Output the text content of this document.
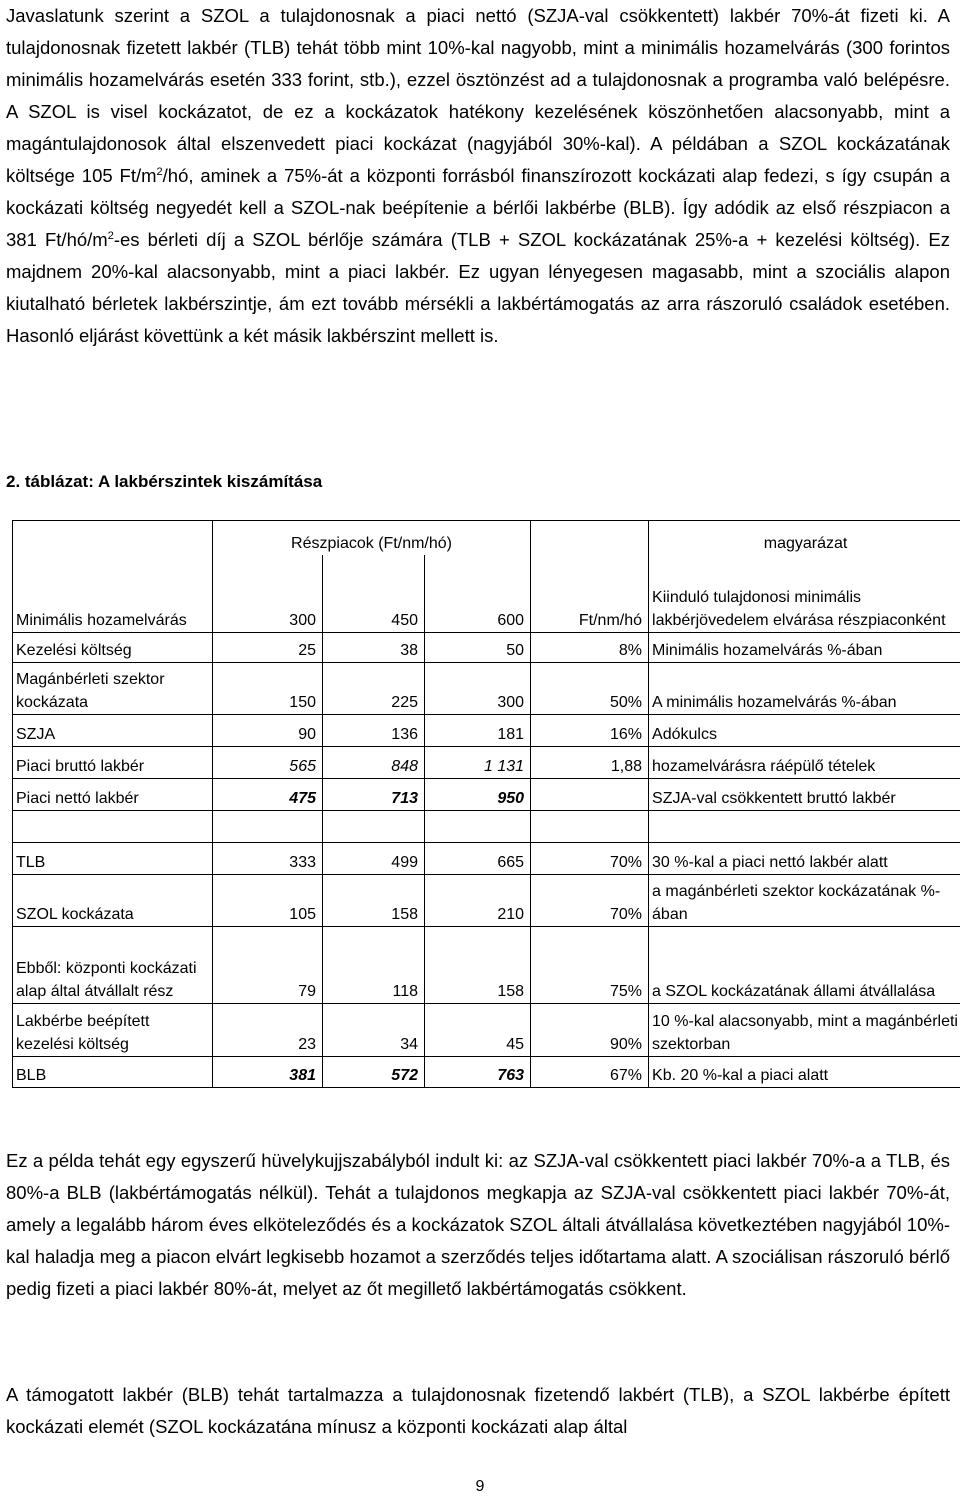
Javaslatunk szerint a SZOL a tulajdonosnak a piaci nettó (SZJA-val csökkentett) lakbér 70%-át fizeti ki. A tulajdonosnak fizetett lakbér (TLB) tehát több mint 10%-kal nagyobb, mint a minimális hozamelvárás (300 forintos minimális hozamelvárás esetén 333 forint, stb.), ezzel ösztönzést ad a tulajdonosnak a programba való belépésre. A SZOL is visel kockázatot, de ez a kockázatok hatékony kezelésének köszönhetően alacsonyabb, mint a magántulajdonosok által elszenvedett piaci kockázat (nagyjából 30%-kal). A példában a SZOL kockázatának költsége 105 $Ft/m^2/hó$, aminek a 75%-át a központi forrásból finanszírozott kockázati alap fedezi, s így csupán a kockázati költség negyedét kell a SZOL-nak beépítenie a bérlői lakbérbe (BLB). Így adódik az első részpiacon a 381 $Ft/hó/m^2-es$ bérleti díj a SZOL bérlője számára (TLB + SZOL kockázatának 25%-a + kezelési költség). Ez majdnem 20%-kal alacsonyabb, mint a piaci lakbér. Ez ugyan lényegesen magasabb, mint a szociális alapon kiutalható bérletek lakbérszintje, ám ezt tovább mérsékli a lakbértámogatás az arra rászoruló családok esetében. Hasonló eljárást követtünk a két másik lakbérszint mellett is.

2. táblázat: A lakbérszintek kiszámítása
	Részpiacok (Ft/nm/hó)				magyarázat
Minimális hozamelvárás	300	450	600	Ft/nm/hó	Kiinduló tulajdonosi minimális lakbérjövedelem elvárása részpiaconként
Kezelési költség	25	38	50	8%	Minimális hozamelvárás %-ában
Magánbérleti szektor kockázata	150	225	300	50%	A minimális hozamelvárás %-ában
SZJA	90	136	181	16%	Adókulcs
Piaci bruttó lakbér	565	848	1 131	1,88	hozamelvárásra ráépülő tételek
Piaci nettó lakbér	475	713	950		SZJA-val csökkentett bruttó lakbér

TLB	333	499	665	70%	30 %-kal a piaci nettó lakbér alatt
SZOL kockázata	105	158	210	70%	a magánbérleti szektor kockázatának %-ában
Ebből: központi kockázati alap által átvállalt rész	79	118	158	75%	a SZOL kockázatának állami átvállalása
Lakbérbe beépített kezelési költség	23	34	45	90%	10 %-kal alacsonyabb, mint a magánbérleti szektorban
BLB	381	572	763	67%	Kb. 20 %-kal a piaci alatt

Ez a példa tehát egy egyszerű hüvelykujjszabályból indult ki: az SZJA-val csökkentett piaci lakbér 70%-a a TLB, és 80%-a BLB (lakbértámogatás nélkül). Tehát a tulajdonos megkapja az SZJA-val csökkentett piaci lakbér 70%-át, amely a legalább három éves elköteleződés és a kockázatok SZOL általi átvállalása következtében nagyjából 10%-kal haladja meg a piacon elvárt legkisebb hozamot a szerződés teljes időtartama alatt. A szociálisan rászoruló bérlő pedig fizeti a piaci lakbér 80%-át, melyet az őt megillető lakbértámogatás csökkent.

A támogatott lakbér (BLB) tehát tartalmazza a tulajdonosnak fizetendő lakbért (TLB), a SZOL lakbérbe épített kockázati elemét (SZOL kockázatána mínusz a központi kockázati alap által

9
